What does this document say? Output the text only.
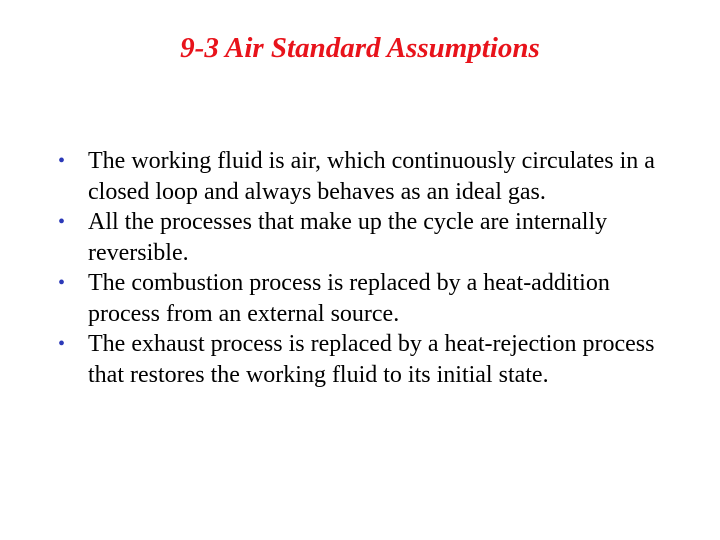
9-3 Air Standard Assumptions
• The working fluid is air, which continuously circulates in a closed loop and always behaves as an ideal gas.
• All the processes that make up the cycle are internally reversible.
• The combustion process is replaced by a heat-addition process from an external source.
• The exhaust process is replaced by a heat-rejection process that restores the working fluid to its initial state.
